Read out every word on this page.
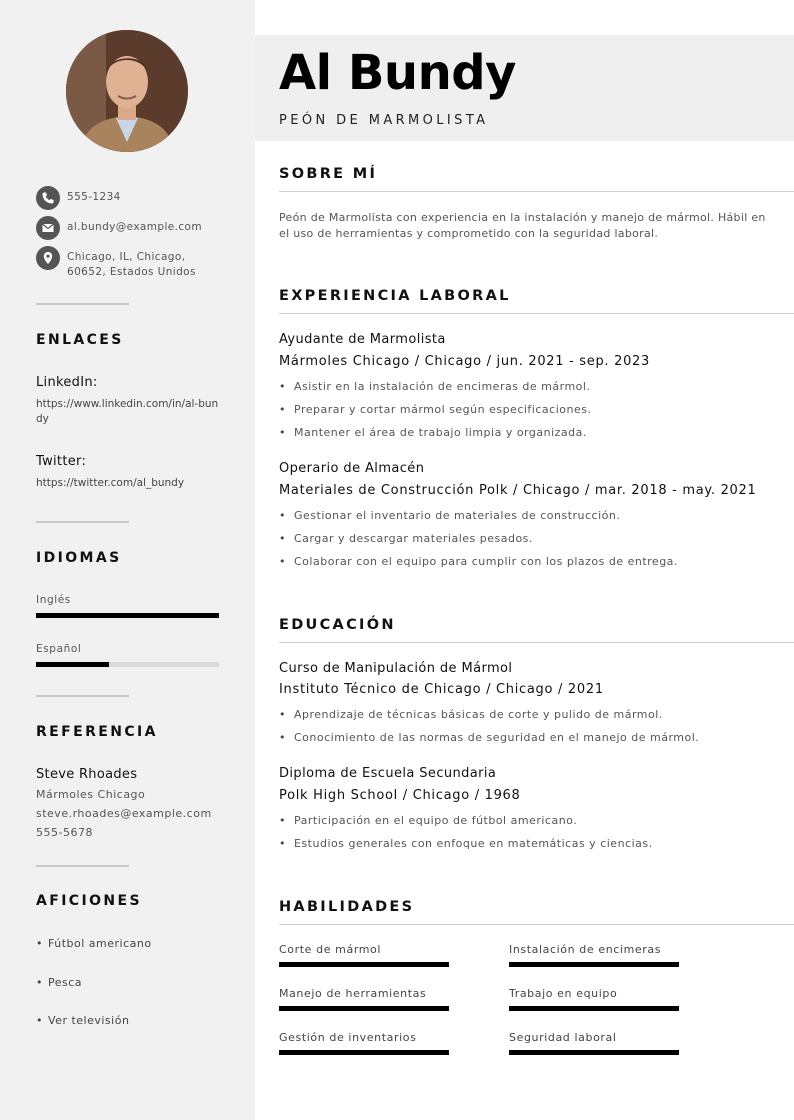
555-1234
al.bundy@example.com
Chicago, IL, Chicago, 60652, Estados Unidos
ENLACES
LinkedIn:
https://www.linkedin.com/in/al-bundy
Twitter:
https://twitter.com/al_bundy
IDIOMAS
Inglés
Español
REFERENCIA
Steve Rhoades
Mármoles Chicago
steve.rhoades@example.com
555-5678
AFICIONES
• Fútbol americano
• Pesca
• Ver televisión
Al Bundy
PEÓN DE MARMOLISTA
SOBRE MÍ
Peón de Marmolista con experiencia en la instalación y manejo de mármol. Hábil en el uso de herramientas y comprometido con la seguridad laboral.
EXPERIENCIA LABORAL
Ayudante de Marmolista
Mármoles Chicago / Chicago / jun. 2021 - sep. 2023
• Asistir en la instalación de encimeras de mármol.
• Preparar y cortar mármol según especificaciones.
• Mantener el área de trabajo limpia y organizada.
Operario de Almacén
Materiales de Construcción Polk / Chicago / mar. 2018 - may. 2021
• Gestionar el inventario de materiales de construcción.
• Cargar y descargar materiales pesados.
• Colaborar con el equipo para cumplir con los plazos de entrega.
EDUCACIÓN
Curso de Manipulación de Mármol
Instituto Técnico de Chicago / Chicago / 2021
• Aprendizaje de técnicas básicas de corte y pulido de mármol.
• Conocimiento de las normas de seguridad en el manejo de mármol.
Diploma de Escuela Secundaria
Polk High School / Chicago / 1968
• Participación en el equipo de fútbol americano.
• Estudios generales con enfoque en matemáticas y ciencias.
HABILIDADES
Corte de mármol	Instalación de encimeras
Manejo de herramientas	Trabajo en equipo
Gestión de inventarios	Seguridad laboral
